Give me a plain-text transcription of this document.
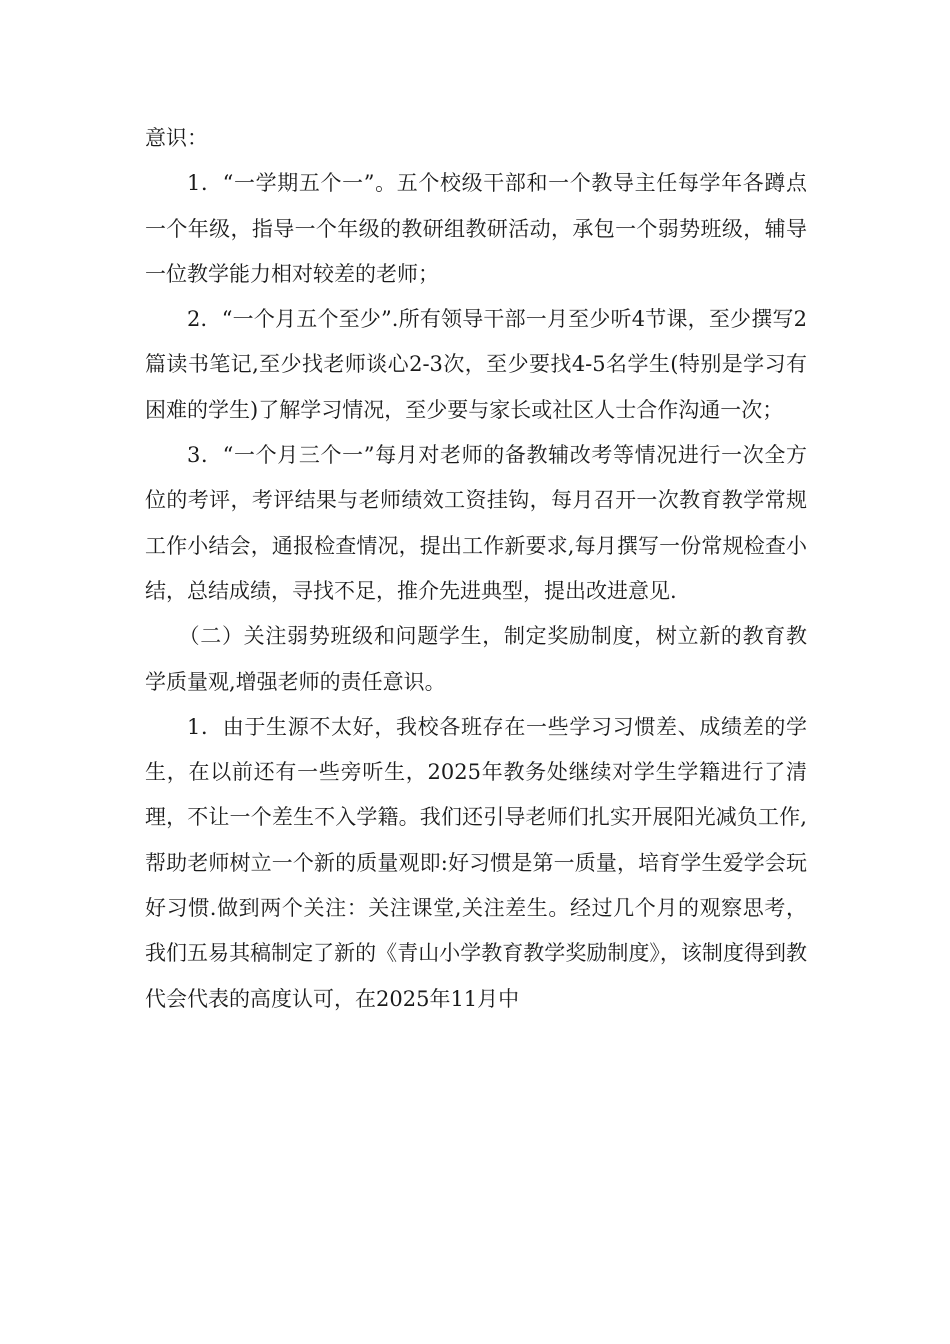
意识：

1．“一学期五个一”。五个校级干部和一个教导主任每学年各蹲点一个年级，指导一个年级的教研组教研活动，承包一个弱势班级，辅导一位教学能力相对较差的老师；

2．“一个月五个至少”.所有领导干部一月至少听4节课，至少撰写2篇读书笔记,至少找老师谈心2-3次，至少要找4-5名学生(特别是学习有困难的学生)了解学习情况，至少要与家长或社区人士合作沟通一次；

3．“一个月三个一”每月对老师的备教辅改考等情况进行一次全方位的考评，考评结果与老师绩效工资挂钩，每月召开一次教育教学常规工作小结会，通报检查情况，提出工作新要求,每月撰写一份常规检查小结，总结成绩，寻找不足，推介先进典型，提出改进意见.

（二）关注弱势班级和问题学生，制定奖励制度，树立新的教育教学质量观,增强老师的责任意识。

1．由于生源不太好，我校各班存在一些学习习惯差、成绩差的学生，在以前还有一些旁听生，2025年教务处继续对学生学籍进行了清理，不让一个差生不入学籍。我们还引导老师们扎实开展阳光减负工作,帮助老师树立一个新的质量观即:好习惯是第一质量，培育学生爱学会玩好习惯.做到两个关注：关注课堂,关注差生。经过几个月的观察思考，我们五易其稿制定了新的《青山小学教育教学奖励制度》，该制度得到教代会代表的高度认可，在2025年11月中
